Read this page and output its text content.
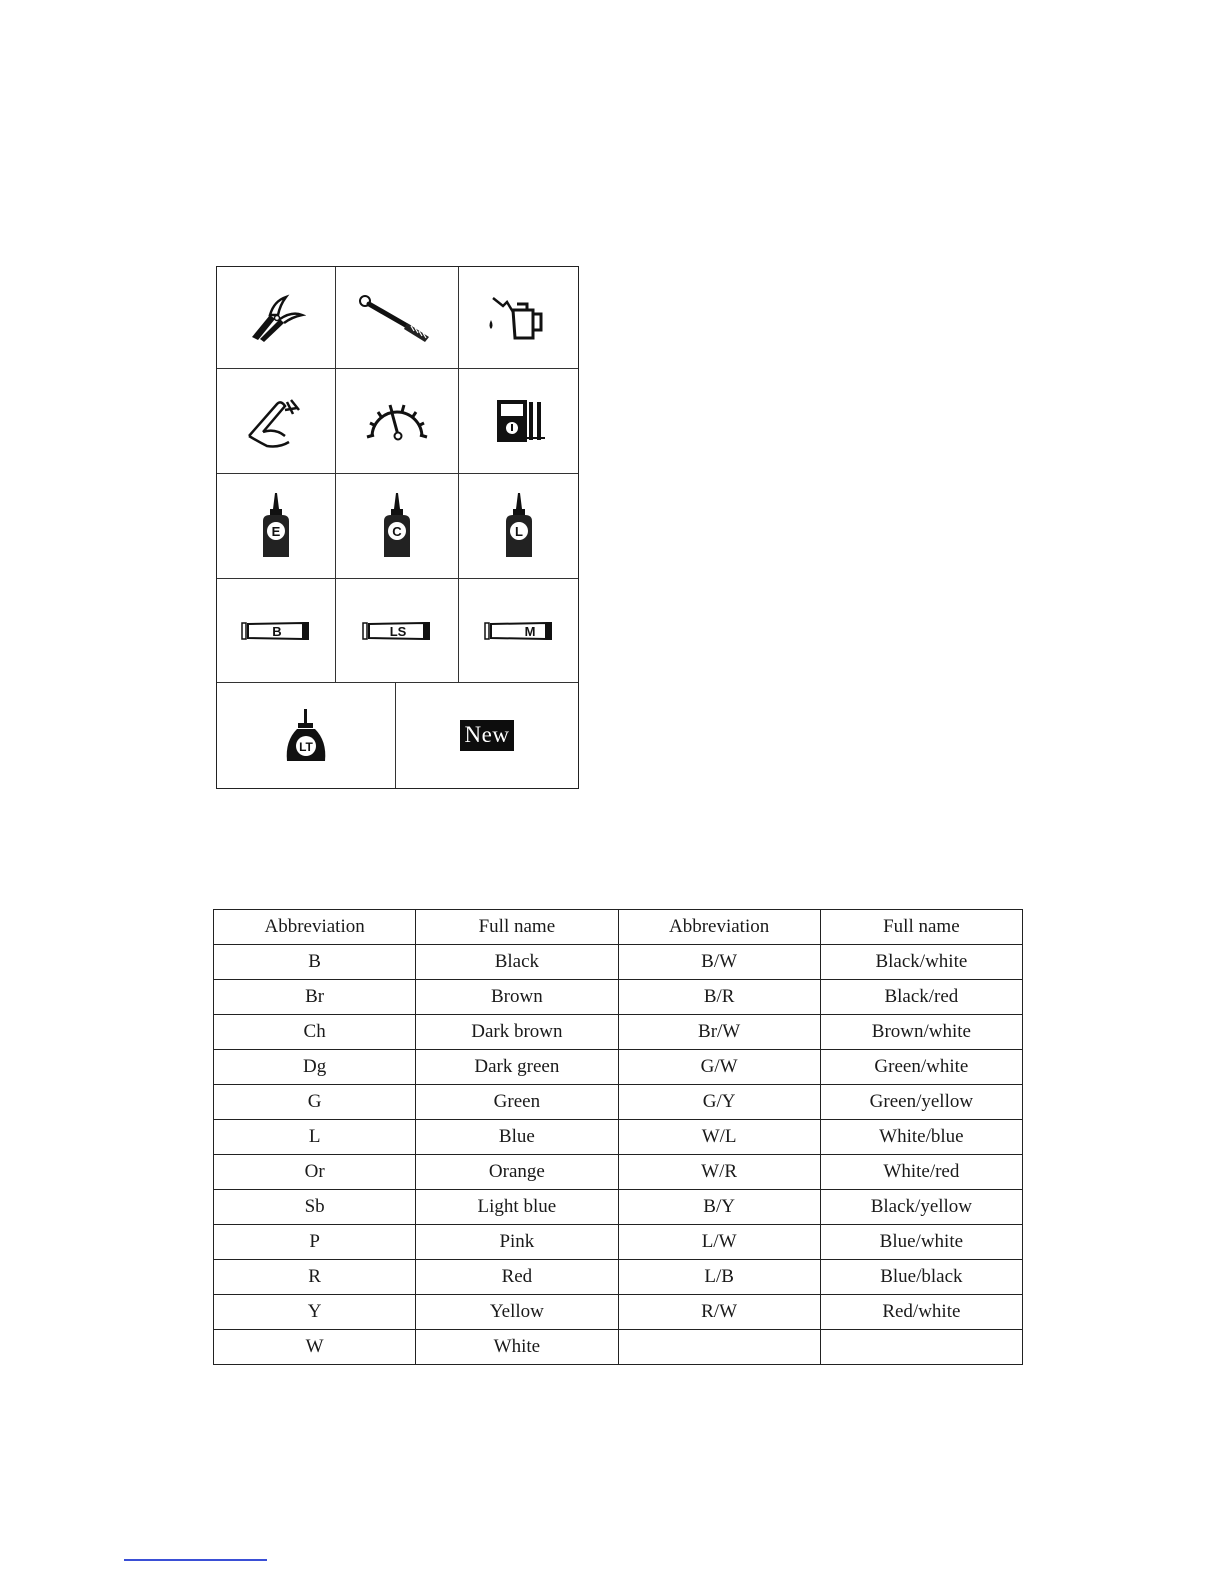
E	C	L
B	LS	M
LT	New
Abbreviation	Full name	Abbreviation	Full name
B	Black	B/W	Black/white
Br	Brown	B/R	Black/red
Ch	Dark brown	Br/W	Brown/white
Dg	Dark green	G/W	Green/white
G	Green	G/Y	Green/yellow
L	Blue	W/L	White/blue
Or	Orange	W/R	White/red
Sb	Light blue	B/Y	Black/yellow
P	Pink	L/W	Blue/white
R	Red	L/B	Blue/black
Y	Yellow	R/W	Red/white
W	White		
